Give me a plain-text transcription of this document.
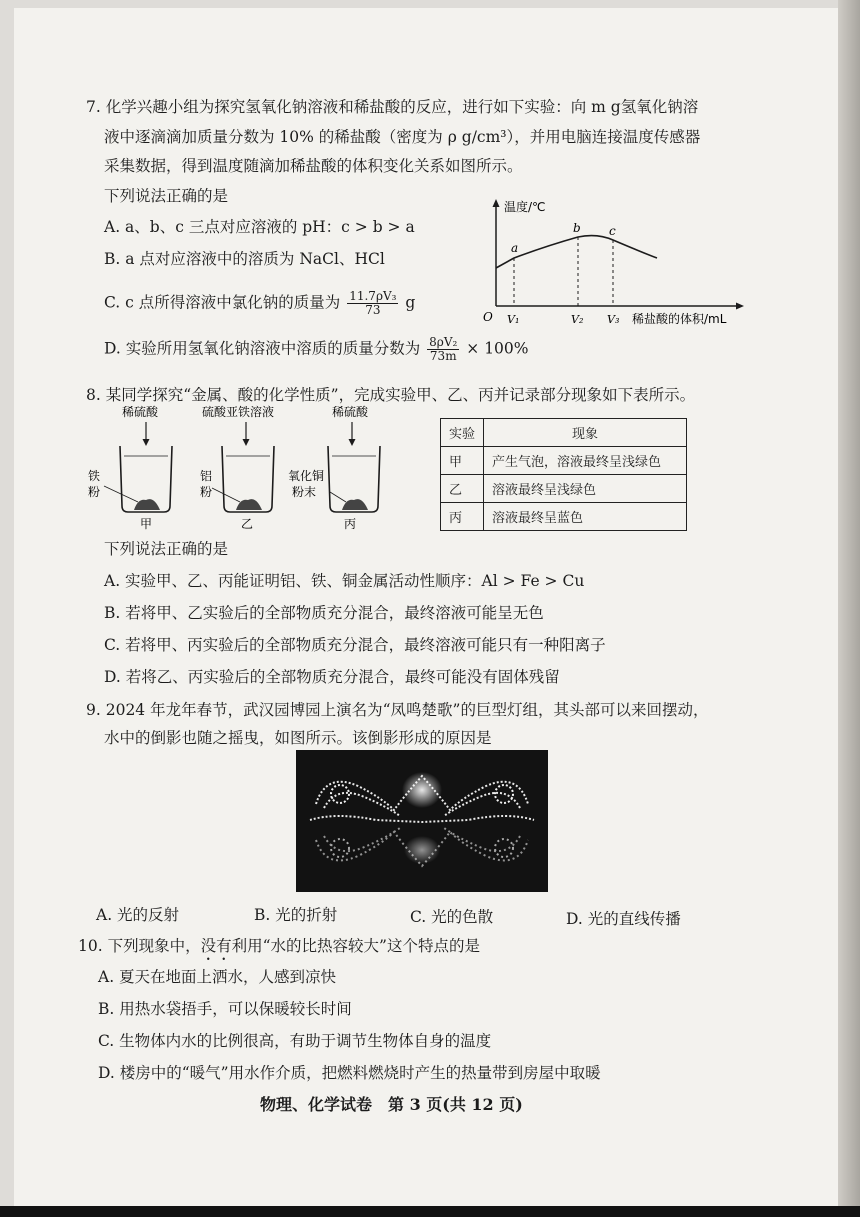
7. 化学兴趣小组为探究氢氧化钠溶液和稀盐酸的反应，进行如下实验：向 m g氢氧化钠溶
液中逐滴滴加质量分数为 10% 的稀盐酸（密度为 ρ g/cm³），并用电脑连接温度传感器
采集数据，得到温度随滴加稀盐酸的体积变化关系如图所示。
下列说法正确的是
A. a、b、c 三点对应溶液的 pH：c > b > a
B. a 点对应溶液中的溶质为 NaCl、HCl
C. c 点所得溶液中氯化钠的质量为 $\frac{\text{11.7ρV₃}}{73}$ g
D. 实验所用氢氧化钠溶液中溶质的质量分数为 $\frac{\text{8ρV₂}}{73m} \times 100\%$
温度/℃
O
a
b c
V₁	V₂ V₃ 稀盐酸的体积/mL
8. 某同学探究“金属、酸的化学性质”，完成实验甲、乙、丙并记录部分现象如下表所示。
稀硫酸
铁
粉
甲
硫酸亚铁溶液
铝
粉
乙
稀硫酸
氧化铜
粉末
丙
实验	现象
甲	产生气泡，溶液最终呈浅绿色
乙	溶液最终呈浅绿色
丙	溶液最终呈蓝色
下列说法正确的是
A. 实验甲、乙、丙能证明铝、铁、铜金属活动性顺序：Al > Fe > Cu
B. 若将甲、乙实验后的全部物质充分混合，最终溶液可能呈无色
C. 若将甲、丙实验后的全部物质充分混合，最终溶液可能只有一种阳离子
D. 若将乙、丙实验后的全部物质充分混合，最终可能没有固体残留
9. 2024 年龙年春节，武汉园博园上演名为“凤鸣楚歌”的巨型灯组，其头部可以来回摆动，
水中的倒影也随之摇曳，如图所示。该倒影形成的原因是
A. 光的反射	B. 光的折射	C. 光的色散	D. 光的直线传播
10. 下列现象中，没有利用“水的比热容较大”这个特点的是
A. 夏天在地面上洒水，人感到凉快
B. 用热水袋捂手，可以保暖较长时间
C. 生物体内水的比例很高，有助于调节生物体自身的温度
D. 楼房中的“暖气”用水作介质，把燃料燃烧时产生的热量带到房屋中取暖
物理、化学试卷　第 3 页(共 12 页)
